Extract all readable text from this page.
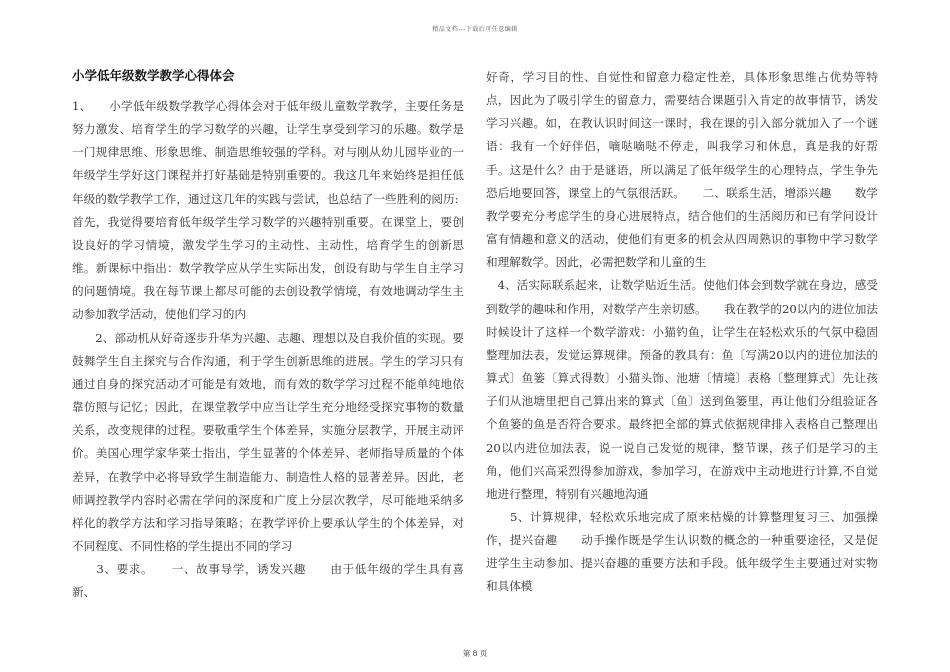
精品文档---下载后可任意编辑
小学低年级数学教学心得体会

1、　　小学低年级数学教学心得体会对于低年级儿童数学教学，主要任务是努力激发、培育学生的学习数学的兴趣，让学生享受到学习的乐趣。数学是一门规律思维、形象思维、制造思维较强的学科。对与刚从幼儿园毕业的一年级学生学好这门课程并打好基础是特别重要的。我这几年来始终是担任低年级的数学教学工作，通过这几年的实践与尝试，也总结了一些胜利的阅历:

首先，我觉得要培育低年级学生学习数学的兴趣特别重要。在课堂上，要创设良好的学习情境，激发学生学习的主动性、主动性，培育学生的创新思维。新课标中指出：数学教学应从学生实际出发，创设有助与学生自主学习的问题情境。我在每节课上都尽可能的去创设教学情境，有效地调动学生主动参加教学活动，使他们学习的内

　　2、部动机从好奇逐步升华为兴趣、志趣、理想以及自我价值的实现。要鼓舞学生自主探究与合作沟通，利于学生创新思维的进展。学生的学习只有通过自身的探究活动才可能是有效地，而有效的数学学习过程不能单纯地依靠仿照与记忆；因此，在课堂教学中应当让学生充分地经受探究事物的数量关系，改变规律的过程。要敬重学生个体差异，实施分层教学，开展主动评价。美国心理学家华莱士指出，学生显著的个体差异、老师指导质量的个体差异，在教学中必将导致学生制造能力、制造性人格的显著差异。因此，老师调控教学内容时必需在学问的深度和广度上分层次教学，尽可能地采纳多样化的教学方法和学习指导策略；在教学评价上要承认学生的个体差异，对不同程度、不同性格的学生提出不同的学习

　　3、要求。　　一、故事导学，诱发兴趣　　由于低年级的学生具有喜新、

好奇，学习目的性、自觉性和留意力稳定性差，具体形象思维占优势等特点，因此为了吸引学生的留意力，需要结合课题引入肯定的故事情节，诱发学习兴趣。如，在教认识时间这一课时，我在课的引入部分就加入了一个谜语：我有一个好伴侣，嘀哒嘀哒不停走，叫我学习和休息，真是我的好帮手。这是什么？由于是谜语，所以满足了低年级学生的心理特点，学生争先恐后地要回答，课堂上的气氛很活跃。　　二、联系生活，增添兴趣　　数学教学要充分考虑学生的身心进展特点，结合他们的生活阅历和已有学问设计富有情趣和意义的活动，使他们有更多的机会从四周熟识的事物中学习数学和理解数学。因此，必需把数学和儿童的生

　4、活实际联系起来，让数学贴近生活。使他们体会到数学就在身边，感受到数学的趣味和作用，对数学产生亲切感。　　我在教学的20以内的进位加法时候设计了这样一个数学游戏：小猫钓鱼，让学生在轻松欢乐的气氛中稳固整理加法表，发觉运算规律。预备的教具有：鱼〔写满20以内的进位加法的算式〕鱼篓〔算式得数〕小猫头饰、池塘〔情境〕表格〔整理算式〕先让孩子们从池塘里把自己算出来的算式〔鱼〕送到鱼篓里，再让他们分组验证各个鱼篓的鱼是否符合要求。最终把全部的算式依据规律排入表格自己整理出20以内进位加法表，说一说自己发觉的规律，整节课，孩子们是学习的主角，他们兴高采烈得参加游戏，参加学习，在游戏中主动地进行计算,不自觉地进行整理，特别有兴趣地沟通

　　5、计算规律，轻松欢乐地完成了原来枯燥的计算整理复习三、加强操作，提兴奋趣　　动手操作既是学生认识数的概念的一种重要途径，又是促进学生主动参加、提兴奋趣的重要方法和手段。低年级学生主要通过对实物和具体模

第 8 页
